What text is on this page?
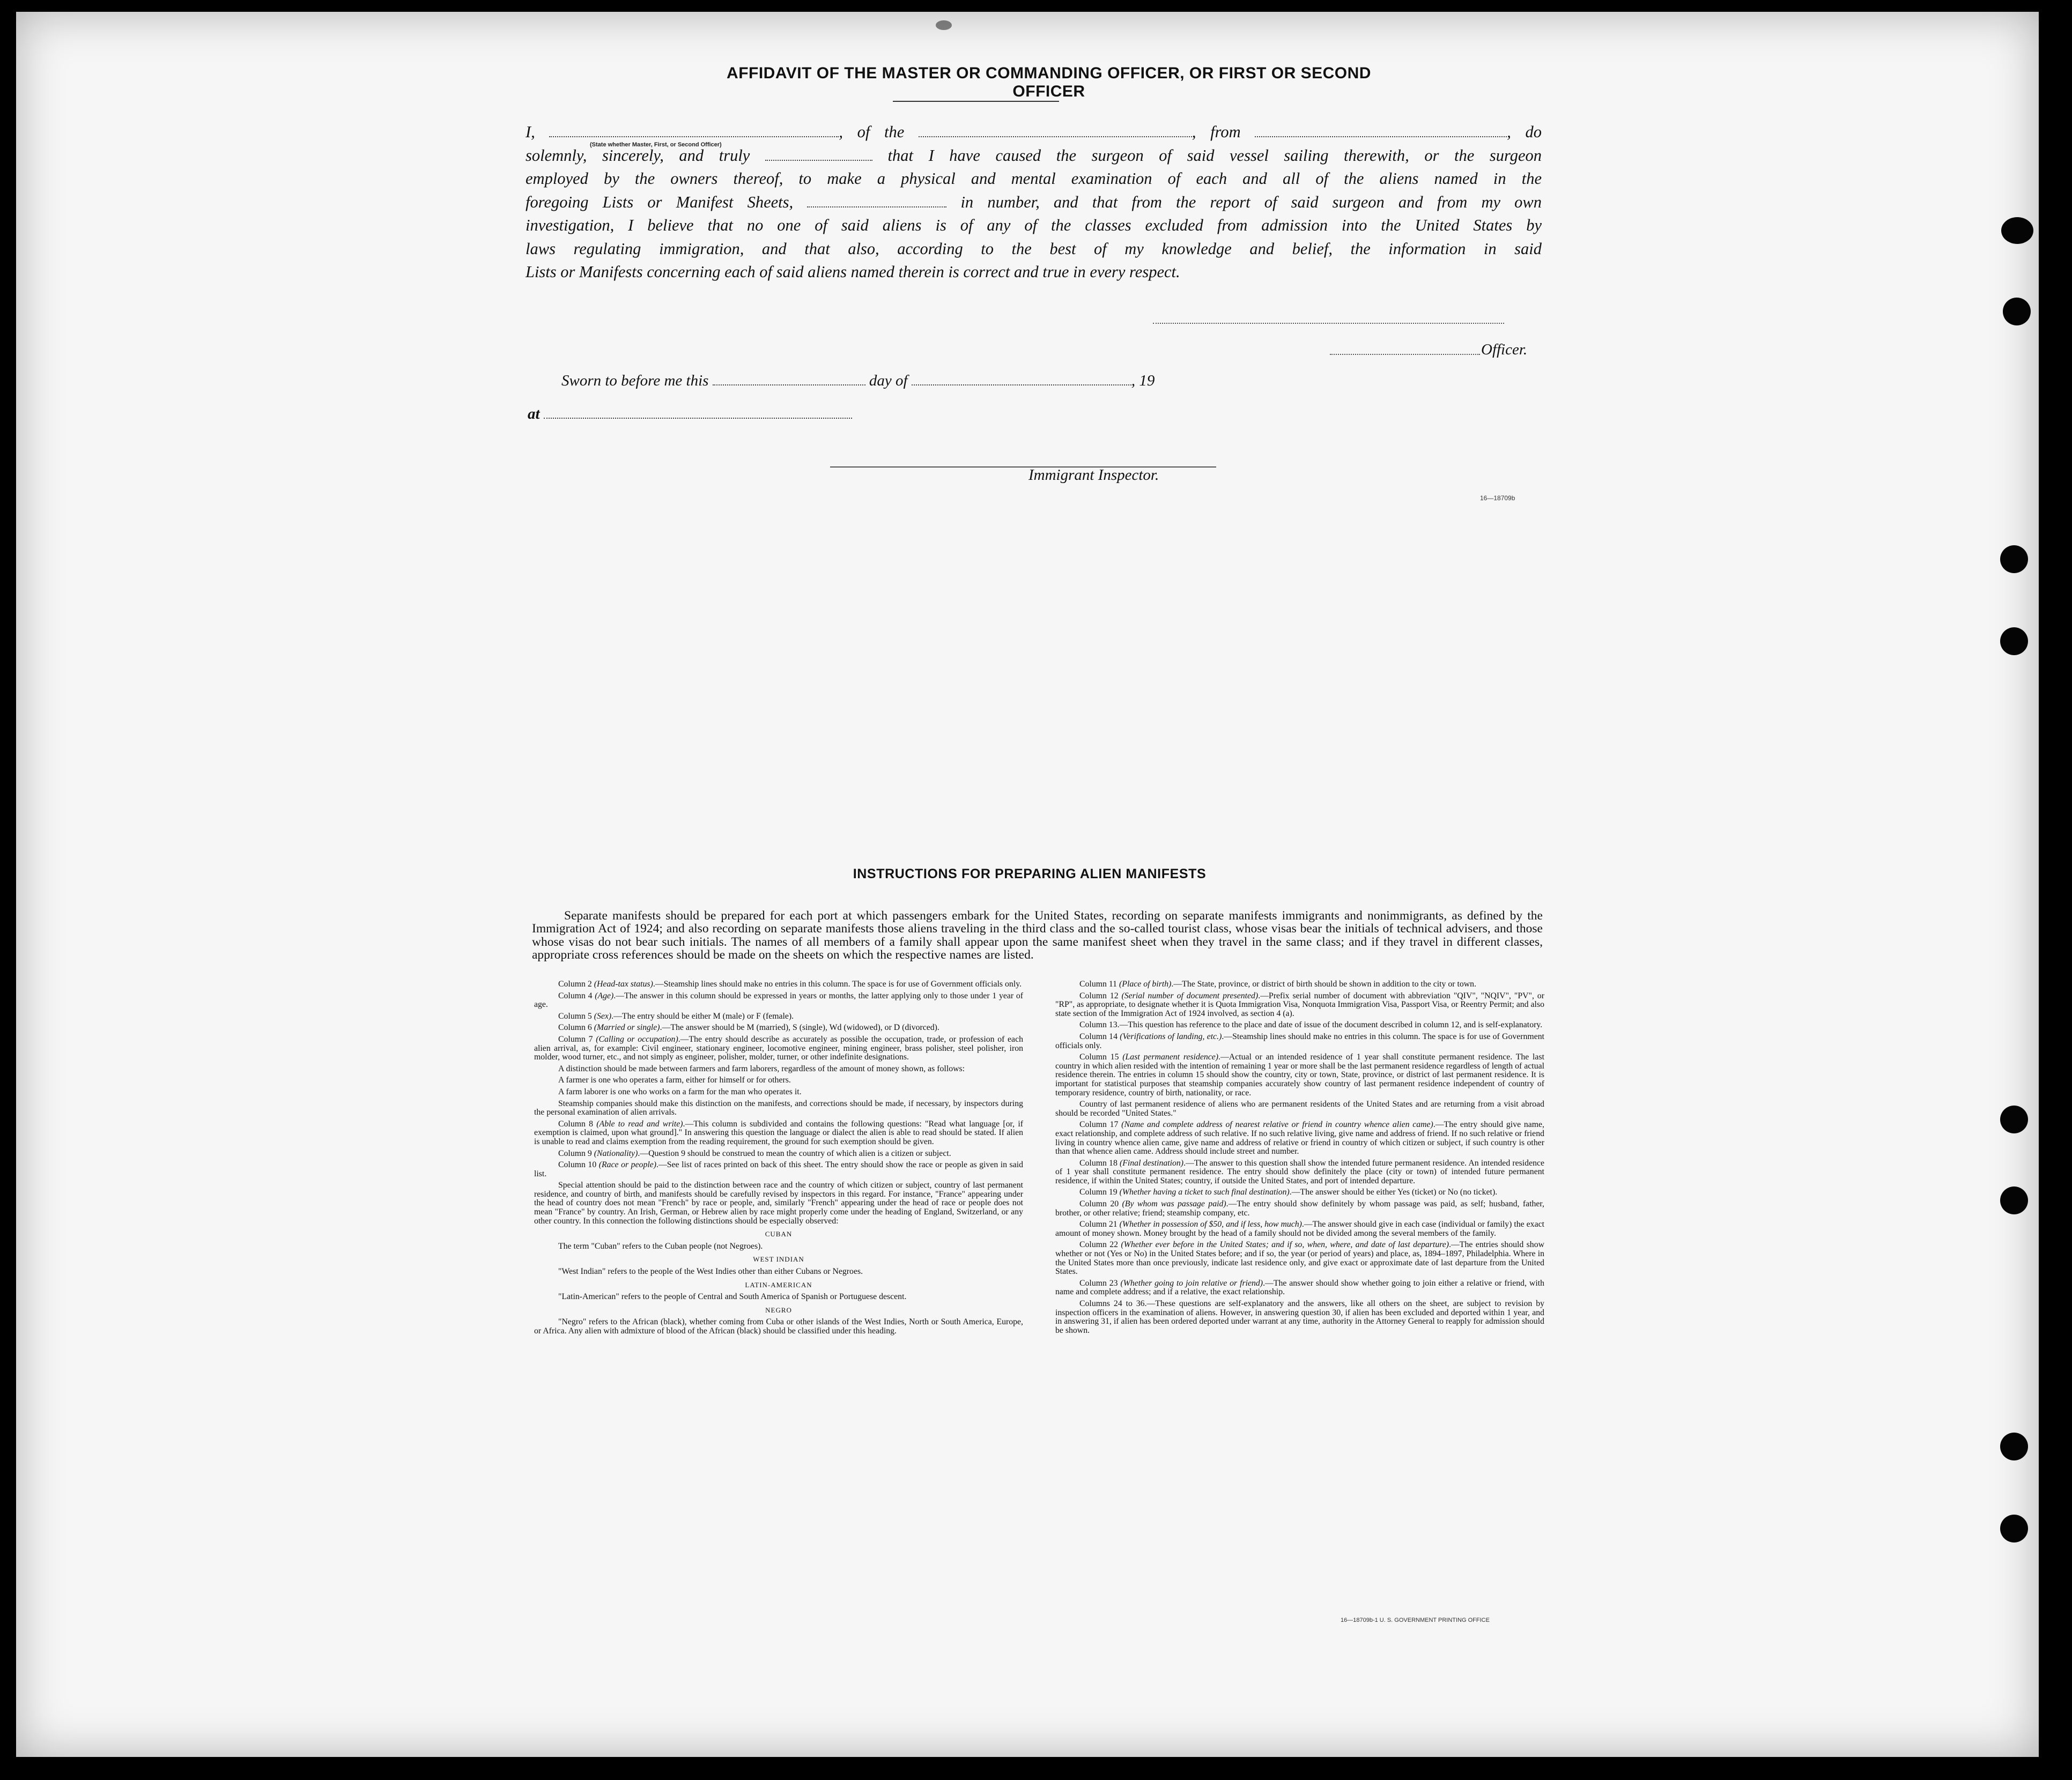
AFFIDAVIT OF THE MASTER OR COMMANDING OFFICER, OR FIRST OR SECOND OFFICER
(State whether Master, First, or Second Officer)
I,	, of the	, from	, do
solemnly, sincerely, and truly	that I have caused the surgeon of said vessel sailing therewith, or the surgeon
employed by the owners thereof, to make a physical and mental examination of each and all of the aliens named in the
foregoing Lists or Manifest Sheets,	in number, and that from the report of said surgeon and from my own
investigation, I believe that no one of said aliens is of any of the classes excluded from admission into the United States by
laws regulating immigration, and that also, according to the best of my knowledge and belief, the information in said
Lists or Manifests concerning each of said aliens named therein is correct and true in every respect.
Officer.
Sworn to before me this	day of	, 19
at
Immigrant Inspector.
16—18709b
INSTRUCTIONS FOR PREPARING ALIEN MANIFESTS

Separate manifests should be prepared for each port at which passengers embark for the United States, recording on separate manifests immigrants and nonimmigrants, as defined by the Immigration Act of 1924; and also recording on separate manifests those aliens traveling in the third class and the so-called tourist class, whose visas bear the initials of technical advisers, and those whose visas do not bear such initials. The names of all members of a family shall appear upon the same manifest sheet when they travel in the same class; and if they travel in different classes, appropriate cross references should be made on the sheets on which the respective names are listed.

Column 2 (Head-tax status).—Steamship lines should make no entries in this column. The space is for use of Government officials only.

Column 4 (Age).—The answer in this column should be expressed in years or months, the latter applying only to those under 1 year of age.

Column 5 (Sex).—The entry should be either M (male) or F (female).

Column 6 (Married or single).—The answer should be M (married), S (single), Wd (widowed), or D (divorced).

Column 7 (Calling or occupation).—The entry should describe as accurately as possible the occupation, trade, or profession of each alien arrival, as, for example: Civil engineer, stationary engineer, locomotive engineer, mining engineer, brass polisher, steel polisher, iron molder, wood turner, etc., and not simply as engineer, polisher, molder, turner, or other indefinite designations.

A distinction should be made between farmers and farm laborers, regardless of the amount of money shown, as follows:

A farmer is one who operates a farm, either for himself or for others.

A farm laborer is one who works on a farm for the man who operates it.

Steamship companies should make this distinction on the manifests, and corrections should be made, if necessary, by inspectors during the personal examination of alien arrivals.

Column 8 (Able to read and write).—This column is subdivided and contains the following questions: "Read what language [or, if exemption is claimed, upon what ground]." In answering this question the language or dialect the alien is able to read should be stated. If alien is unable to read and claims exemption from the reading requirement, the ground for such exemption should be given.

Column 9 (Nationality).—Question 9 should be construed to mean the country of which alien is a citizen or subject.

Column 10 (Race or people).—See list of races printed on back of this sheet. The entry should show the race or people as given in said list.

Special attention should be paid to the distinction between race and the country of which citizen or subject, country of last permanent residence, and country of birth, and manifests should be carefully revised by inspectors in this regard. For instance, "France" appearing under the head of country does not mean "French" by race or people, and, similarly "French" appearing under the head of race or people does not mean "France" by country. An Irish, German, or Hebrew alien by race might properly come under the heading of England, Switzerland, or any other country. In this connection the following distinctions should be especially observed:

CUBAN

The term "Cuban" refers to the Cuban people (not Negroes).

WEST INDIAN

"West Indian" refers to the people of the West Indies other than either Cubans or Negroes.

LATIN-AMERICAN

"Latin-American" refers to the people of Central and South America of Spanish or Portuguese descent.

NEGRO

"Negro" refers to the African (black), whether coming from Cuba or other islands of the West Indies, North or South America, Europe, or Africa. Any alien with admixture of blood of the African (black) should be classified under this heading.

Column 11 (Place of birth).—The State, province, or district of birth should be shown in addition to the city or town.

Column 12 (Serial number of document presented).—Prefix serial number of document with abbreviation "QIV", "NQIV", "PV", or "RP", as appropriate, to designate whether it is Quota Immigration Visa, Nonquota Immigration Visa, Passport Visa, or Reentry Permit; and also state section of the Immigration Act of 1924 involved, as section 4 (a).

Column 13.—This question has reference to the place and date of issue of the document described in column 12, and is self-explanatory.

Column 14 (Verifications of landing, etc.).—Steamship lines should make no entries in this column. The space is for use of Government officials only.

Column 15 (Last permanent residence).—Actual or an intended residence of 1 year shall constitute permanent residence. The last country in which alien resided with the intention of remaining 1 year or more shall be the last permanent residence regardless of length of actual residence therein. The entries in column 15 should show the country, city or town, State, province, or district of last permanent residence. It is important for statistical purposes that steamship companies accurately show country of last permanent residence independent of country of temporary residence, country of birth, nationality, or race.

Country of last permanent residence of aliens who are permanent residents of the United States and are returning from a visit abroad should be recorded "United States."

Column 17 (Name and complete address of nearest relative or friend in country whence alien came).—The entry should give name, exact relationship, and complete address of such relative. If no such relative living, give name and address of friend. If no such relative or friend living in country whence alien came, give name and address of relative or friend in country of which citizen or subject, if such country is other than that whence alien came. Address should include street and number.

Column 18 (Final destination).—The answer to this question shall show the intended future permanent residence. An intended residence of 1 year shall constitute permanent residence. The entry should show definitely the place (city or town) of intended future permanent residence, if within the United States; country, if outside the United States, and port of intended departure.

Column 19 (Whether having a ticket to such final destination).—The answer should be either Yes (ticket) or No (no ticket).

Column 20 (By whom was passage paid).—The entry should show definitely by whom passage was paid, as self; husband, father, brother, or other relative; friend; steamship company, etc.

Column 21 (Whether in possession of $50, and if less, how much).—The answer should give in each case (individual or family) the exact amount of money shown. Money brought by the head of a family should not be divided among the several members of the family.

Column 22 (Whether ever before in the United States; and if so, when, where, and date of last departure).—The entries should show whether or not (Yes or No) in the United States before; and if so, the year (or period of years) and place, as, 1894–1897, Philadelphia. Where in the United States more than once previously, indicate last residence only, and give exact or approximate date of last departure from the United States.

Column 23 (Whether going to join relative or friend).—The answer should show whether going to join either a relative or friend, with name and complete address; and if a relative, the exact relationship.

Columns 24 to 36.—These questions are self-explanatory and the answers, like all others on the sheet, are subject to revision by inspection officers in the examination of aliens. However, in answering question 30, if alien has been excluded and deported within 1 year, and in answering 31, if alien has been ordered deported under warrant at any time, authority in the Attorney General to reapply for admission should be shown.

16—18709b-1 U. S. GOVERNMENT PRINTING OFFICE
